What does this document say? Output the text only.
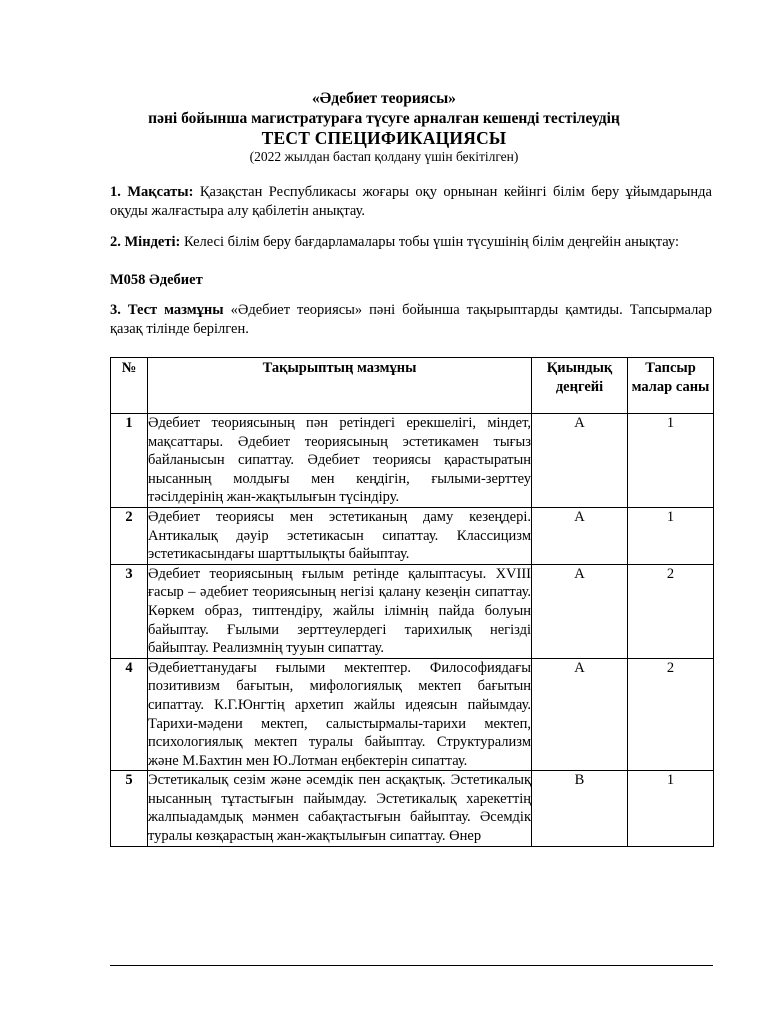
«Әдебиет теориясы»
пәні бойынша магистратураға түсуге арналған кешенді тестілеудің
ТЕСТ СПЕЦИФИКАЦИЯСЫ
(2022 жылдан бастап қолдану үшін бекітілген)
1. Мақсаты: Қазақстан Республикасы жоғары оқу орнынан кейінгі білім беру ұйымдарында оқуды жалғастыра алу қабілетін анықтау.
2. Міндеті: Келесі білім беру бағдарламалары тобы үшін түсушінің білім деңгейін анықтау:
М058 Әдебиет
3. Тест мазмұны «Әдебиет теориясы» пәні бойынша тақырыптарды қамтиды. Тапсырмалар қазақ тілінде берілген.
№	Тақырыптың мазмұны	Қиындық деңгейі	Тапсыр малар саны
1	Әдебиет теориясының пән ретіндегі ерекшелігі, міндет, мақсаттары. Әдебиет теориясының эстетикамен тығыз байланысын сипаттау. Әдебиет теориясы қарастыратын нысанның молдығы мен кеңдігін, ғылыми-зерттеу тәсілдерінің жан-жақтылығын түсіндіру.	A	1
2	Әдебиет теориясы мен эстетиканың даму кезеңдері. Антикалық дәуір эстетикасын сипаттау. Классицизм эстетикасындағы шарттылықты байыптау.	A	1
3	Әдебиет теориясының ғылым ретінде қалыптасуы. XVIII ғасыр – әдебиет теориясының негізі қалану кезеңін сипаттау. Көркем образ, типтендіру, жайлы ілімнің пайда болуын байыптау. Ғылыми зерттеулердегі тарихилық негізді байыптау. Реализмнің тууын сипаттау.	A	2
4	Әдебиеттанудағы ғылыми мектептер. Философиядағы позитивизм бағытын, мифологиялық мектеп бағытын сипаттау. К.Г.Юнгтің архетип жайлы идеясын пайымдау. Тарихи-мәдени мектеп, салыстырмалы-тарихи мектеп, психологиялық мектеп туралы байыптау. Структурализм және М.Бахтин мен Ю.Лотман еңбектерін сипаттау.	A	2
5	Эстетикалық сезім және әсемдік пен асқақтық. Эстетикалық нысанның тұтастығын пайымдау. Эстетикалық харекеттің жалпыадамдық мәнмен сабақтастығын байыптау. Әсемдік туралы көзқарастың жан-жақтылығын сипаттау. Өнер	B	1
